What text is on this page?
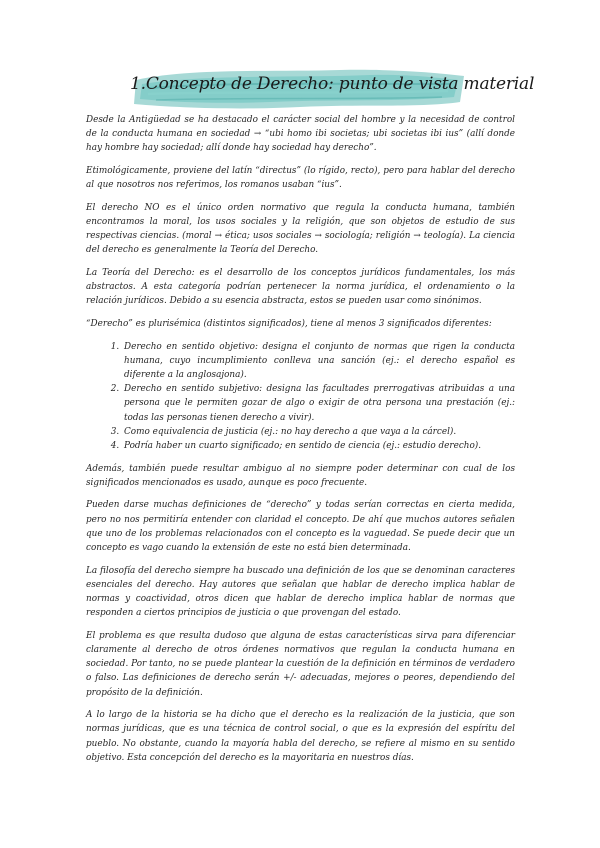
1.Concepto de Derecho: punto de vista material

Desde la Antigüedad se ha destacado el carácter social del hombre y la necesidad de control de la conducta humana en sociedad → “ubi homo ibi societas; ubi societas ibi ius” (allí donde hay hombre hay sociedad; allí donde hay sociedad hay derecho”.

Etimológicamente, proviene del latín “directus” (lo rígido, recto), pero para hablar del derecho al que nosotros nos referimos, los romanos usaban “ius”.

El derecho NO es el único orden normativo que regula la conducta humana, también encontramos la moral, los usos sociales y la religión, que son objetos de estudio de sus respectivas ciencias. (moral → ética; usos sociales → sociología; religión → teología). La ciencia del derecho es generalmente la Teoría del Derecho.

La Teoría del Derecho: es el desarrollo de los conceptos jurídicos fundamentales, los más abstractos. A esta categoría podrían pertenecer la norma jurídica, el ordenamiento o la relación jurídicos. Debido a su esencia abstracta, estos se pueden usar como sinónimos.

“Derecho” es plurisémica (distintos significados), tiene al menos 3 significados diferentes:

1. Derecho en sentido objetivo: designa el conjunto de normas que rigen la conducta humana, cuyo incumplimiento conlleva una sanción (ej.: el derecho español es diferente a la anglosajona).
2. Derecho en sentido subjetivo: designa las facultades prerrogativas atribuidas a una persona que le permiten gozar de algo o exigir de otra persona una prestación (ej.: todas las personas tienen derecho a vivir).
3. Como equivalencia de justicia (ej.: no hay derecho a que vaya a la cárcel).
4. Podría haber un cuarto significado; en sentido de ciencia (ej.: estudio derecho).

Además, también puede resultar ambiguo al no siempre poder determinar con cual de los significados mencionados es usado, aunque es poco frecuente.

Pueden darse muchas definiciones de “derecho” y todas serían correctas en cierta medida, pero no nos permitiría entender con claridad el concepto. De ahí que muchos autores señalen que uno de los problemas relacionados con el concepto es la vaguedad. Se puede decir que un concepto es vago cuando la extensión de este no está bien determinada.

La filosofía del derecho siempre ha buscado una definición de los que se denominan caracteres esenciales del derecho. Hay autores que señalan que hablar de derecho implica hablar de normas y coactividad, otros dicen que hablar de derecho implica hablar de normas que responden a ciertos principios de justicia o que provengan del estado.

El problema es que resulta dudoso que alguna de estas características sirva para diferenciar claramente al derecho de otros órdenes normativos que regulan la conducta humana en sociedad. Por tanto, no se puede plantear la cuestión de la definición en términos de verdadero o falso. Las definiciones de derecho serán +/- adecuadas, mejores o peores, dependiendo del propósito de la definición.

A lo largo de la historia se ha dicho que el derecho es la realización de la justicia, que son normas jurídicas, que es una técnica de control social, o que es la expresión del espíritu del pueblo. No obstante, cuando la mayoría habla del derecho, se refiere al mismo en su sentido objetivo. Esta concepción del derecho es la mayoritaria en nuestros días.
